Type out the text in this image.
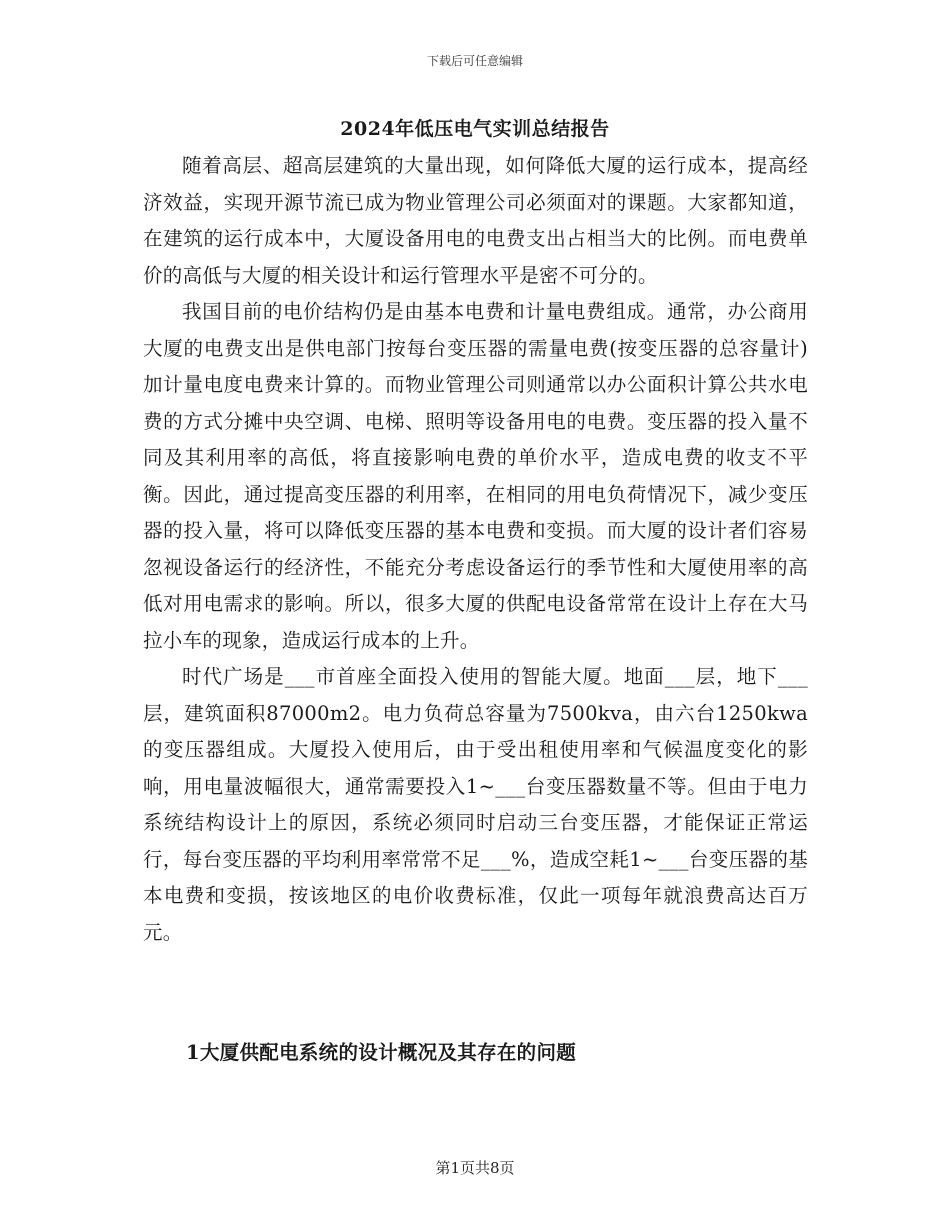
下载后可任意编辑
2024年低压电气实训总结报告

随着高层、超高层建筑的大量出现，如何降低大厦的运行成本，提高经济效益，实现开源节流已成为物业管理公司必须面对的课题。大家都知道，在建筑的运行成本中，大厦设备用电的电费支出占相当大的比例。而电费单价的高低与大厦的相关设计和运行管理水平是密不可分的。

我国目前的电价结构仍是由基本电费和计量电费组成。通常，办公商用大厦的电费支出是供电部门按每台变压器的需量电费(按变压器的总容量计)加计量电度电费来计算的。而物业管理公司则通常以办公面积计算公共水电费的方式分摊中央空调、电梯、照明等设备用电的电费。变压器的投入量不同及其利用率的高低，将直接影响电费的单价水平，造成电费的收支不平衡。因此，通过提高变压器的利用率，在相同的用电负荷情况下，减少变压器的投入量，将可以降低变压器的基本电费和变损。而大厦的设计者们容易忽视设备运行的经济性，不能充分考虑设备运行的季节性和大厦使用率的高低对用电需求的影响。所以，很多大厦的供配电设备常常在设计上存在大马拉小车的现象，造成运行成本的上升。

时代广场是___市首座全面投入使用的智能大厦。地面___层，地下___层，建筑面积87000m2。电力负荷总容量为7500kva，由六台1250kwa的变压器组成。大厦投入使用后，由于受出租使用率和气候温度变化的影响，用电量波幅很大，通常需要投入1~___台变压器数量不等。但由于电力系统结构设计上的原因，系统必须同时启动三台变压器，才能保证正常运行，每台变压器的平均利用率常常不足___%，造成空耗1~___台变压器的基本电费和变损，按该地区的电价收费标准，仅此一项每年就浪费高达百万元。

1大厦供配电系统的设计概况及其存在的问题
第1页共8页
